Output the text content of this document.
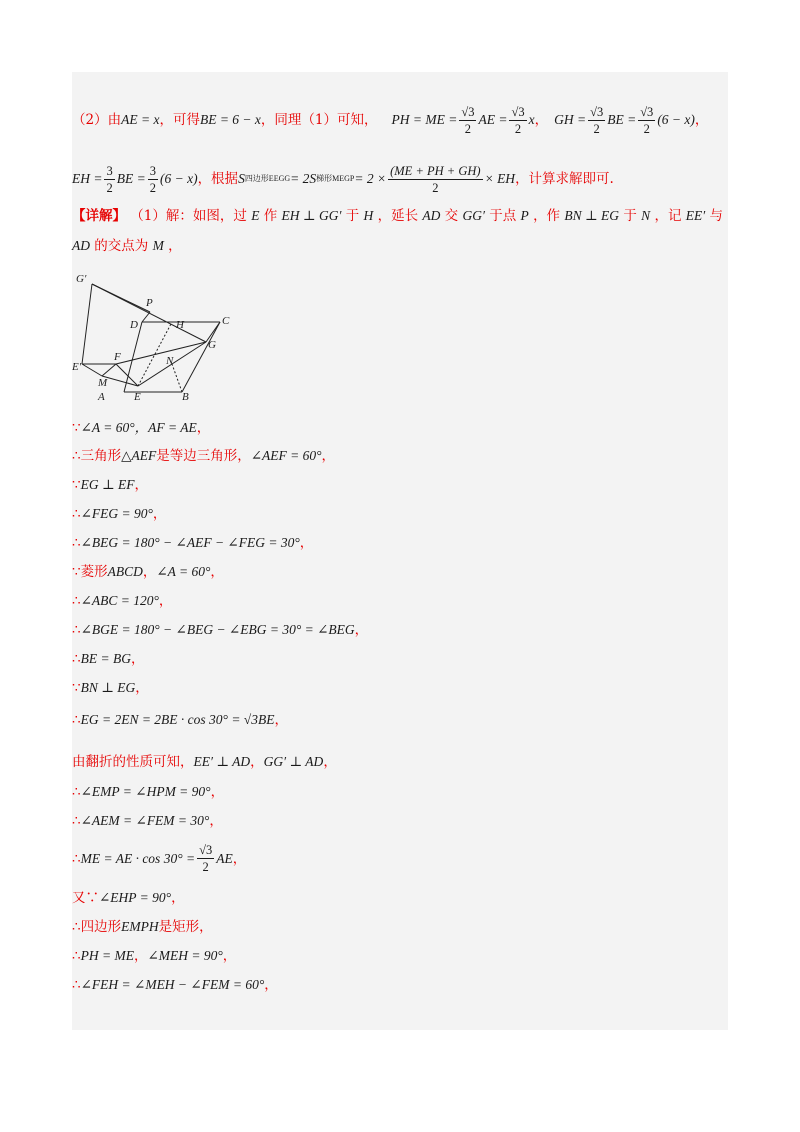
（2）由 AE = x ，可得 BE = 6 − x ，同理（1）可知， PH = ME = $\frac{√3}{2}$ AE = $\frac{√3}{2}$ x ， GH = $\frac{√3}{2}$ BE = $\frac{√3}{2} (6 - x)$ ，
EH = $\frac{3}{2}$ BE = $\frac{3}{2} (6 - x)$ ，根据 S 四边形EEGG = 2S 梯形MEGP = $2 \times \frac{(ME + PH + GH)}{2}$ × EH ，计算求解即可.
【详解】 （1）解：如图，过 E 作 EH ⊥ GG′ 于 H ，延长 AD 交 GG′ 于点 P ，作 BN ⊥ EG 于 N ，记 EE′ 与
AD 的交点为 M ，
G′
P
D	H	C
G
E′
F	N
M
A	E	B
∵ ∠A = 60°，AF = AE ，
∴ 三角形 △AEF 是等边三角形， ∠AEF = 60° ，
∵ EG ⊥ EF ，
∴ ∠FEG = 90° ，
∴ ∠BEG = 180° − ∠AEF − ∠FEG = 30° ，
∵ 菱形 ABCD ， ∠A = 60° ，
∴ ∠ABC = 120° ，
∴ ∠BGE = 180° − ∠BEG − ∠EBG = 30° = ∠BEG ，
∴ BE = BG ，
∵ BN ⊥ EG ，
∴ EG = 2EN = 2BE · cos 30° = √3BE ，
由翻折的性质可知， EE′ ⊥ AD ， GG′ ⊥ AD ，
∴ ∠EMP = ∠HPM = 90° ，
∴ ∠AEM = ∠FEM = 30° ，
∴ ME = AE · $\cos 30^\circ = \frac{√3}{2}$ AE ，
又∵ ∠EHP = 90° ，
∴ 四边形 EMPH 是矩形，
∴ PH = ME ， ∠MEH = 90° ，
∴ ∠FEH = ∠MEH − ∠FEM = 60° ，
